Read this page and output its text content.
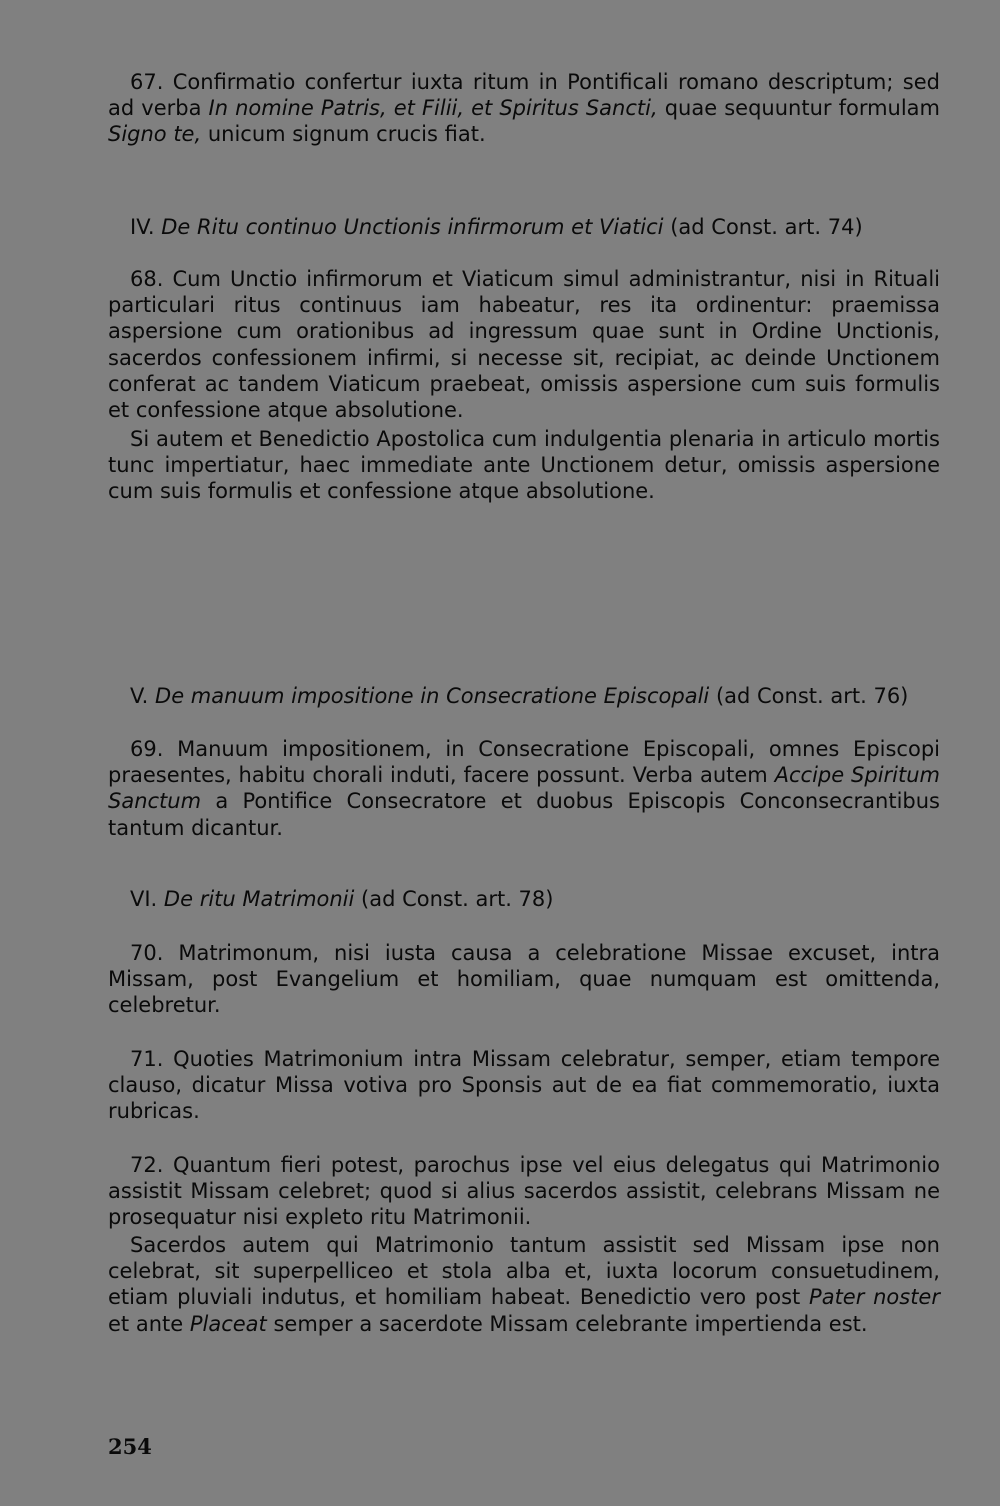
67. Confirmatio confertur iuxta ritum in Pontificali romano descriptum; sed ad verba In nomine Patris, et Filii, et Spiritus Sancti, quae sequuntur formulam Signo te, unicum signum crucis fiat.

IV. De Ritu continuo Unctionis infirmorum et Viatici (ad Const. art. 74)

68. Cum Unctio infirmorum et Viaticum simul administrantur, nisi in Rituali particulari ritus continuus iam habeatur, res ita ordinentur: praemissa aspersione cum orationibus ad ingressum quae sunt in Ordine Unctionis, sacerdos confessionem infirmi, si necesse sit, recipiat, ac deinde Unctionem conferat ac tandem Viaticum praebeat, omissis aspersione cum suis formulis et confessione atque absolutione.

Si autem et Benedictio Apostolica cum indulgentia plenaria in articulo mortis tunc impertiatur, haec immediate ante Unctionem detur, omissis aspersione cum suis formulis et confessione atque absolutione.

V. De manuum impositione in Consecratione Episcopali (ad Const. art. 76)

69. Manuum impositionem, in Consecratione Episcopali, omnes Episcopi praesentes, habitu chorali induti, facere possunt. Verba autem Accipe Spiritum Sanctum a Pontifice Consecratore et duobus Episcopis Conconsecrantibus tantum dicantur.

VI. De ritu Matrimonii (ad Const. art. 78)

70. Matrimonum, nisi iusta causa a celebratione Missae excuset, intra Missam, post Evangelium et homiliam, quae numquam est omittenda, celebretur.

71. Quoties Matrimonium intra Missam celebratur, semper, etiam tempore clauso, dicatur Missa votiva pro Sponsis aut de ea fiat commemoratio, iuxta rubricas.

72. Quantum fieri potest, parochus ipse vel eius delegatus qui Matrimonio assistit Missam celebret; quod si alius sacerdos assistit, celebrans Missam ne prosequatur nisi expleto ritu Matrimonii.

Sacerdos autem qui Matrimonio tantum assistit sed Missam ipse non celebrat, sit superpelliceo et stola alba et, iuxta locorum consuetudinem, etiam pluviali indutus, et homiliam habeat. Benedictio vero post Pater noster et ante Placeat semper a sacerdote Missam celebrante impertienda est.

254
